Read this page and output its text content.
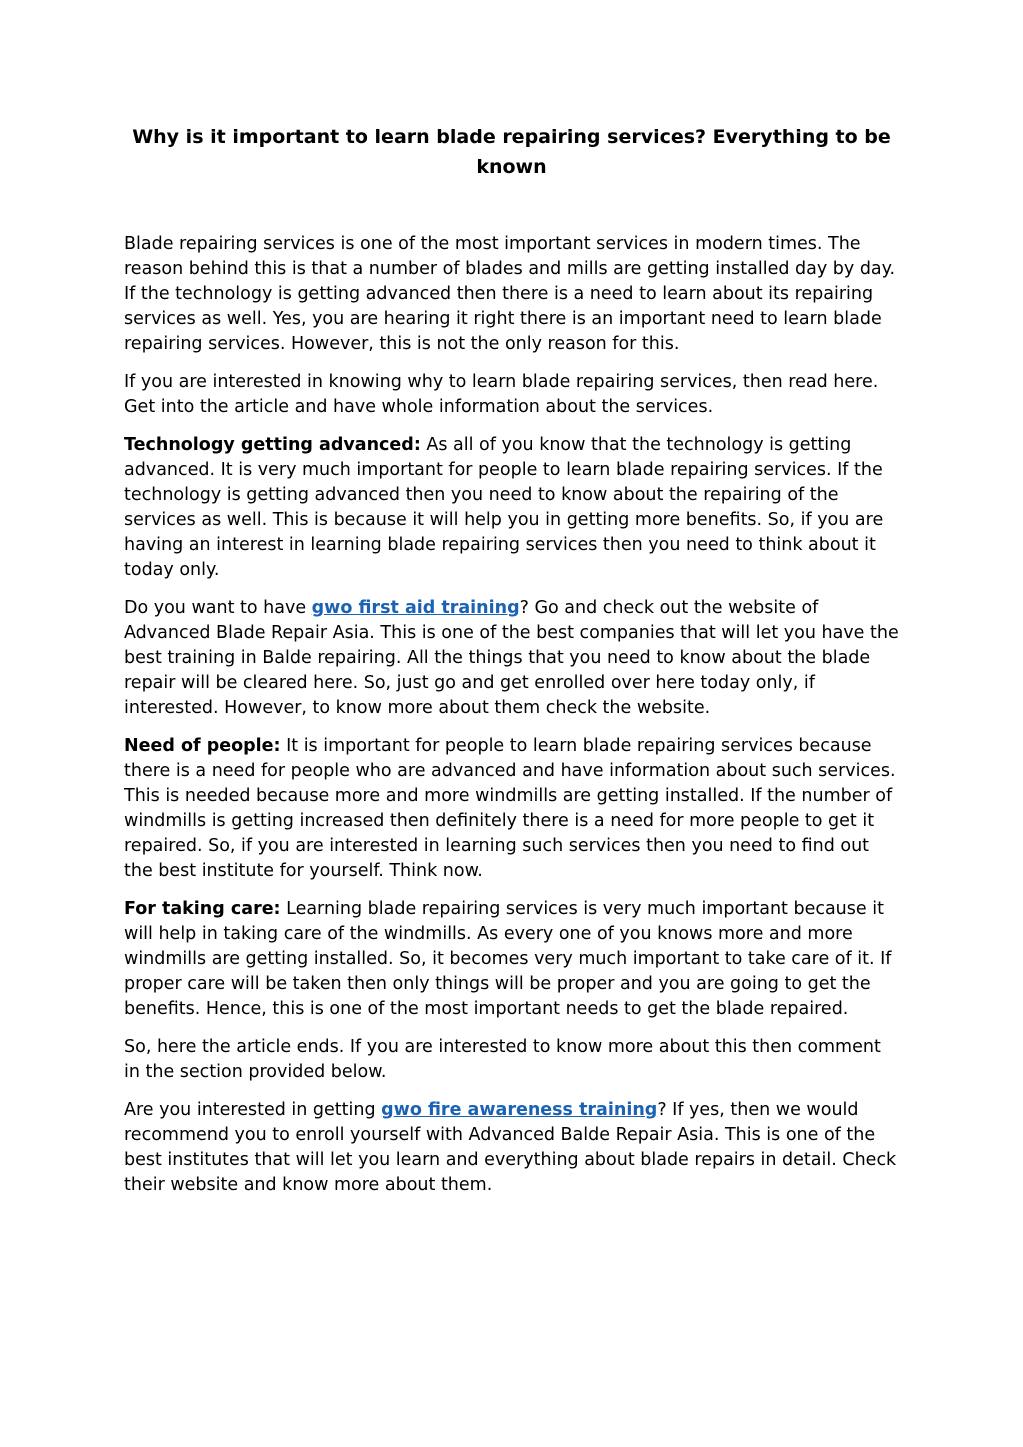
Why is it important to learn blade repairing services? Everything to be known

Blade repairing services is one of the most important services in modern times. The reason behind this is that a number of blades and mills are getting installed day by day. If the technology is getting advanced then there is a need to learn about its repairing services as well. Yes, you are hearing it right there is an important need to learn blade repairing services. However, this is not the only reason for this.

If you are interested in knowing why to learn blade repairing services, then read here. Get into the article and have whole information about the services.

Technology getting advanced: As all of you know that the technology is getting advanced. It is very much important for people to learn blade repairing services. If the technology is getting advanced then you need to know about the repairing of the services as well. This is because it will help you in getting more benefits. So, if you are having an interest in learning blade repairing services then you need to think about it today only.

Do you want to have gwo first aid training? Go and check out the website of Advanced Blade Repair Asia. This is one of the best companies that will let you have the best training in Balde repairing. All the things that you need to know about the blade repair will be cleared here. So, just go and get enrolled over here today only, if interested. However, to know more about them check the website.

Need of people: It is important for people to learn blade repairing services because there is a need for people who are advanced and have information about such services. This is needed because more and more windmills are getting installed. If the number of windmills is getting increased then definitely there is a need for more people to get it repaired. So, if you are interested in learning such services then you need to find out the best institute for yourself. Think now.

For taking care: Learning blade repairing services is very much important because it will help in taking care of the windmills. As every one of you knows more and more windmills are getting installed. So, it becomes very much important to take care of it. If proper care will be taken then only things will be proper and you are going to get the benefits. Hence, this is one of the most important needs to get the blade repaired.

So, here the article ends. If you are interested to know more about this then comment in the section provided below.

Are you interested in getting gwo fire awareness training? If yes, then we would recommend you to enroll yourself with Advanced Balde Repair Asia. This is one of the best institutes that will let you learn and everything about blade repairs in detail. Check their website and know more about them.
